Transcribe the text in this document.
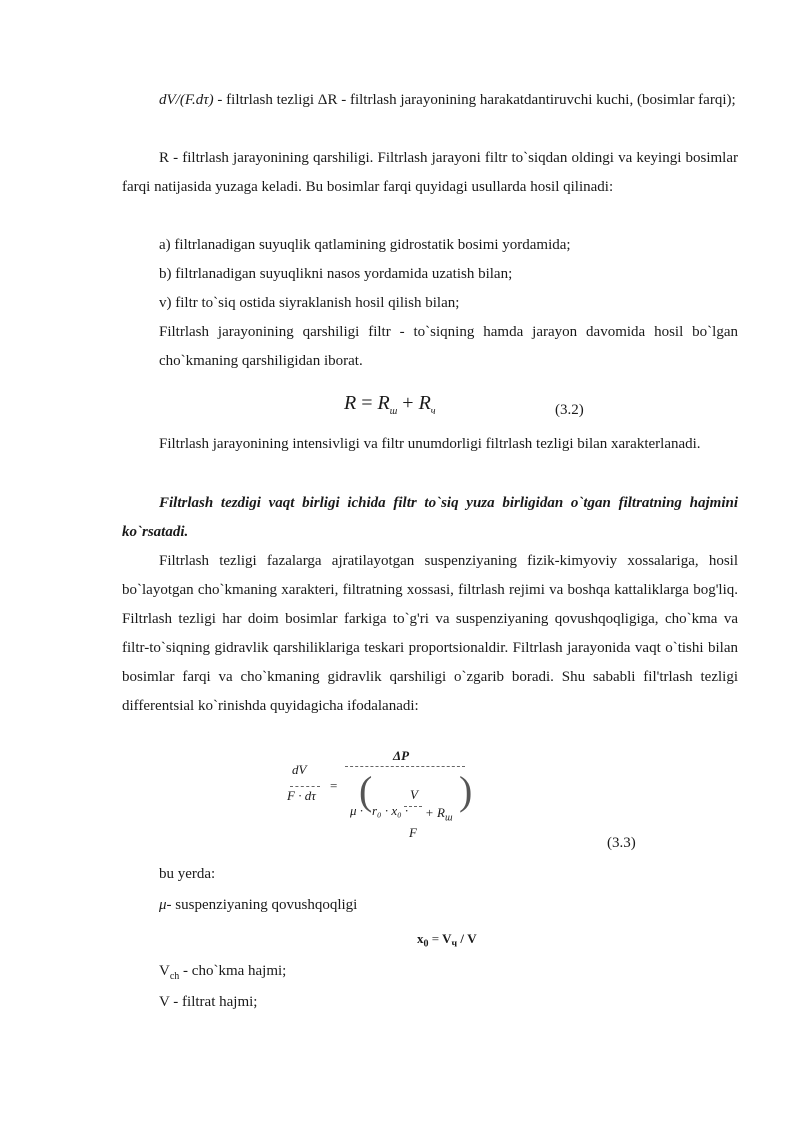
dV/(F.dτ) - filtrlash tezligi ΔR - filtrlash jarayonining harakatdantiruvchi kuchi, (bosimlar farqi);
R - filtrlash jarayonining qarshiligi. Filtrlash jarayoni filtr to`siqdan oldingi va keyingi bosimlar farqi natijasida yuzaga keladi. Bu bosimlar farqi quyidagi usullarda hosil qilinadi:
a) filtrlanadigan suyuqlik qatlamining gidrostatik bosimi yordamida;
b) filtrlanadigan suyuqlikni nasos yordamida uzatish bilan;
v) filtr to`siq ostida siyraklanish hosil qilish bilan;
Filtrlash jarayonining qarshiligi filtr - to`siqning hamda jarayon davomida hosil bo`lgan cho`kmaning qarshiligidan iborat.
$R = R_ш + R_ч$	(3.2)
Filtrlash jarayonining intensivligi va filtr unumdorligi filtrlash tezligi bilan xarakterlanadi.
Filtrlash tezdigi vaqt birligi ichida filtr to`siq yuza birligidan o`tgan filtratning hajmini ko`rsatadi.
Filtrlash tezligi fazalarga ajratilayotgan suspenziyaning fizik-kimyoviy xossalariga, hosil bo`layotgan cho`kmaning xarakteri, filtratning xossasi, filtrlash rejimi va boshqa kattaliklarga bog'liq. Filtrlash tezligi har doim bosimlar farkiga to`g'ri va suspenziyaning qovushqoqligiga, cho`kma va filtr-to`siqning gidravlik qarshiliklariga teskari proportsionaldir. Filtrlash jarayonida vaqt o`tishi bilan bosimlar farqi va cho`kmaning gidravlik qarshiligi o`zgarib boradi. Shu sababli fil'trlash tezligi differentsial ko`rinishda quyidagicha ifodalanadi:
dV
F · dτ
=
ΔP
(
μ · r₀ · x₀ ·
V
F
+ $R_ш$
)
(3.3)
bu yerda:
μ- suspenziyaning qovushqoqligi
$x_0 = V_ч / V$
$V_{ch}$ - cho`kma hajmi;
V - filtrat hajmi;
